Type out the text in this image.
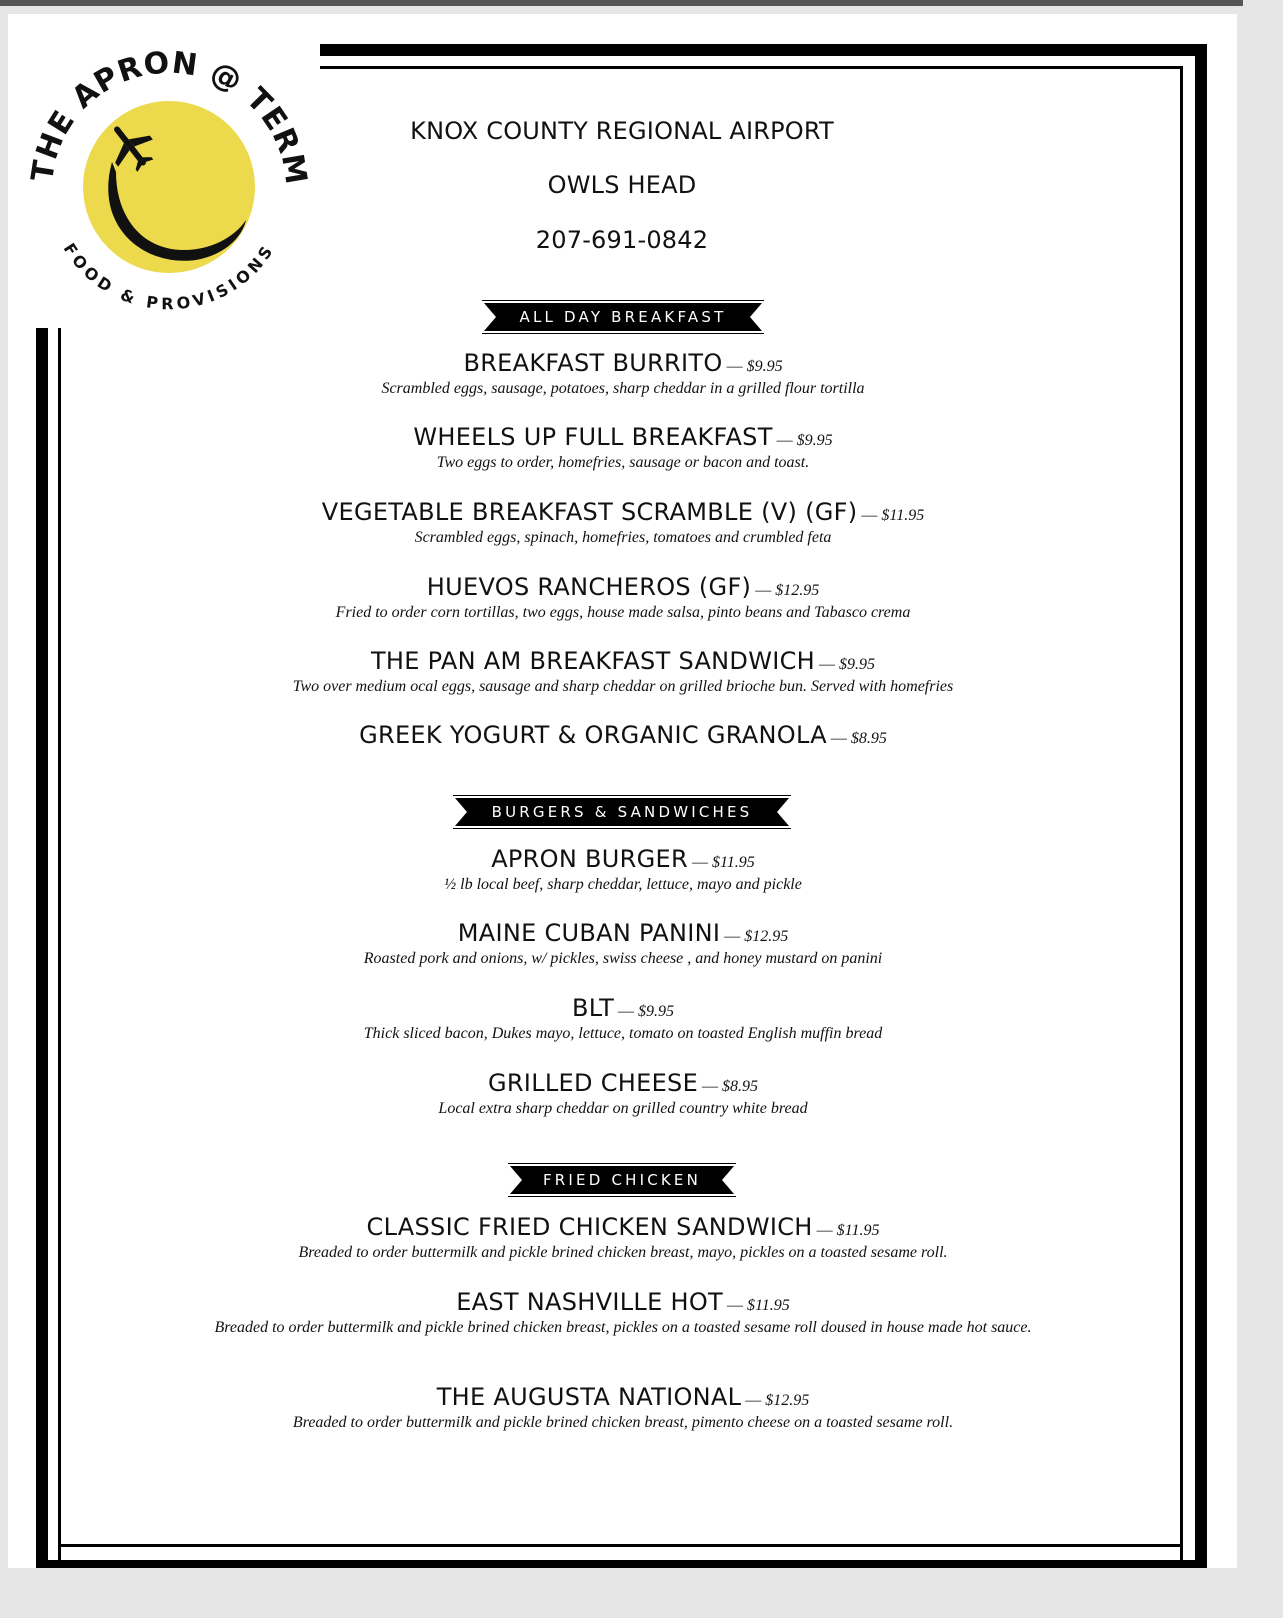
THE APRON @ TERM
FOOD & PROVISIONS
KNOX COUNTY REGIONAL AIRPORT
OWLS HEAD
207-691-0842
ALL DAY BREAKFAST
BREAKFAST BURRITO — $9.95
Scrambled eggs, sausage, potatoes, sharp cheddar in a grilled flour tortilla
WHEELS UP FULL BREAKFAST — $9.95
Two eggs to order, homefries, sausage or bacon and toast.
VEGETABLE BREAKFAST SCRAMBLE (V) (GF) — $11.95
Scrambled eggs, spinach, homefries, tomatoes and crumbled feta
HUEVOS RANCHEROS (GF) — $12.95
Fried to order corn tortillas, two eggs, house made salsa, pinto beans and Tabasco crema
THE PAN AM BREAKFAST SANDWICH — $9.95
Two over medium ocal eggs, sausage and sharp cheddar on grilled brioche bun. Served with homefries
GREEK YOGURT & ORGANIC GRANOLA — $8.95
BURGERS & SANDWICHES
APRON BURGER — $11.95
½ lb local beef, sharp cheddar, lettuce, mayo and pickle
MAINE CUBAN PANINI — $12.95
Roasted pork and onions, w/ pickles, swiss cheese , and honey mustard on panini
BLT — $9.95
Thick sliced bacon, Dukes mayo, lettuce, tomato on toasted English muffin bread
GRILLED CHEESE — $8.95
Local extra sharp cheddar on grilled country white bread
FRIED CHICKEN
CLASSIC FRIED CHICKEN SANDWICH — $11.95
Breaded to order buttermilk and pickle brined chicken breast, mayo, pickles on a toasted sesame roll.
EAST NASHVILLE HOT — $11.95
Breaded to order buttermilk and pickle brined chicken breast, pickles on a toasted sesame roll doused in house made hot sauce.
THE AUGUSTA NATIONAL — $12.95
Breaded to order buttermilk and pickle brined chicken breast, pimento cheese on a toasted sesame roll.
